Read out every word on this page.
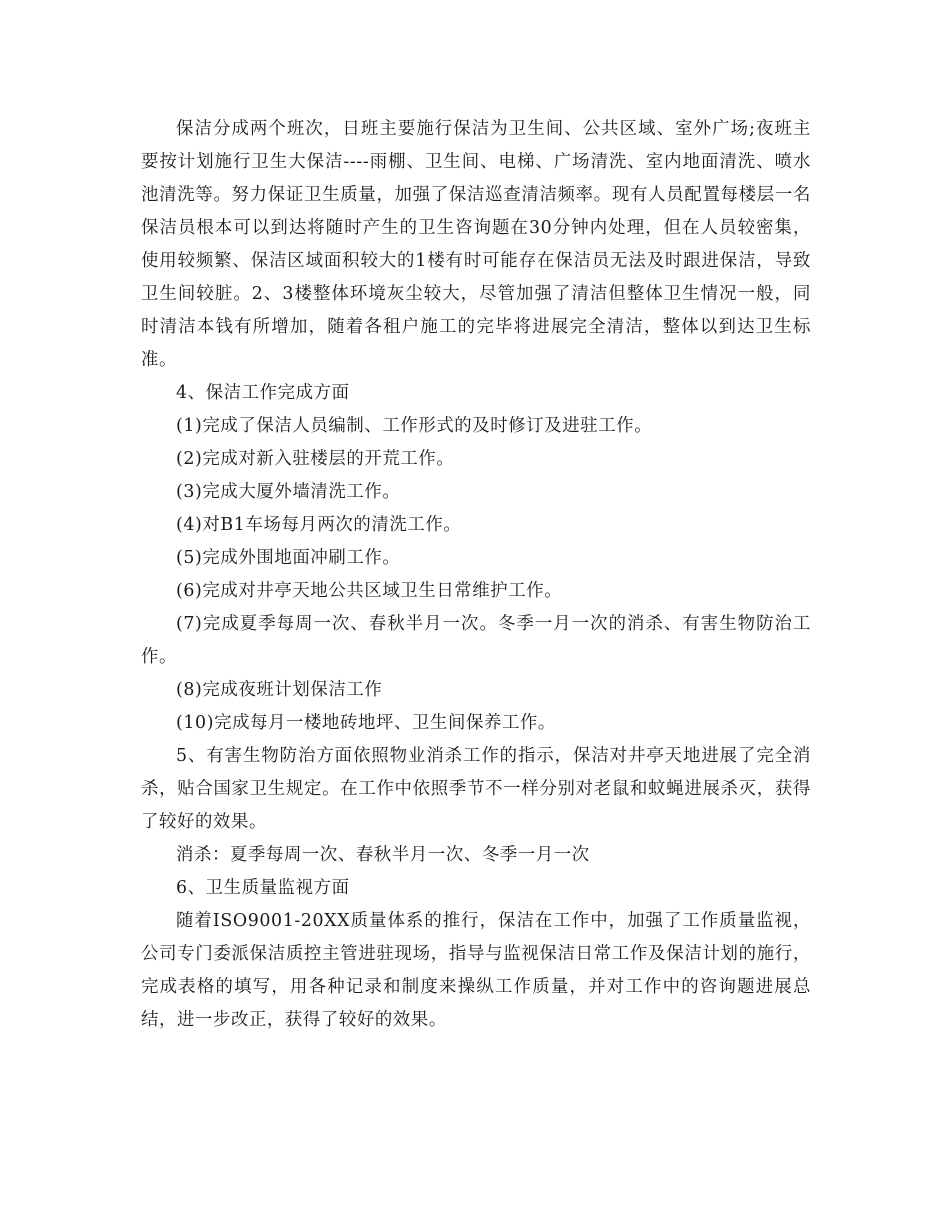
保洁分成两个班次，日班主要施行保洁为卫生间、公共区域、室外广场;夜班主要按计划施行卫生大保洁----雨棚、卫生间、电梯、广场清洗、室内地面清洗、喷水池清洗等。努力保证卫生质量，加强了保洁巡查清洁频率。现有人员配置每楼层一名保洁员根本可以到达将随时产生的卫生咨询题在30分钟内处理，但在人员较密集，使用较频繁、保洁区域面积较大的1楼有时可能存在保洁员无法及时跟进保洁，导致卫生间较脏。2、3楼整体环境灰尘较大，尽管加强了清洁但整体卫生情况一般，同时清洁本钱有所增加，随着各租户施工的完毕将进展完全清洁，整体以到达卫生标准。

4、保洁工作完成方面

(1)完成了保洁人员编制、工作形式的及时修订及进驻工作。

(2)完成对新入驻楼层的开荒工作。

(3)完成大厦外墙清洗工作。

(4)对B1车场每月两次的清洗工作。

(5)完成外围地面冲刷工作。

(6)完成对井亭天地公共区域卫生日常维护工作。

(7)完成夏季每周一次、春秋半月一次。冬季一月一次的消杀、有害生物防治工作。

(8)完成夜班计划保洁工作

(10)完成每月一楼地砖地坪、卫生间保养工作。

5、有害生物防治方面依照物业消杀工作的指示，保洁对井亭天地进展了完全消杀，贴合国家卫生规定。在工作中依照季节不一样分别对老鼠和蚊蝇进展杀灭，获得了较好的效果。

消杀：夏季每周一次、春秋半月一次、冬季一月一次

6、卫生质量监视方面

随着ISO9001-20XX质量体系的推行，保洁在工作中，加强了工作质量监视，公司专门委派保洁质控主管进驻现场，指导与监视保洁日常工作及保洁计划的施行，完成表格的填写，用各种记录和制度来操纵工作质量，并对工作中的咨询题进展总结，进一步改正，获得了较好的效果。
